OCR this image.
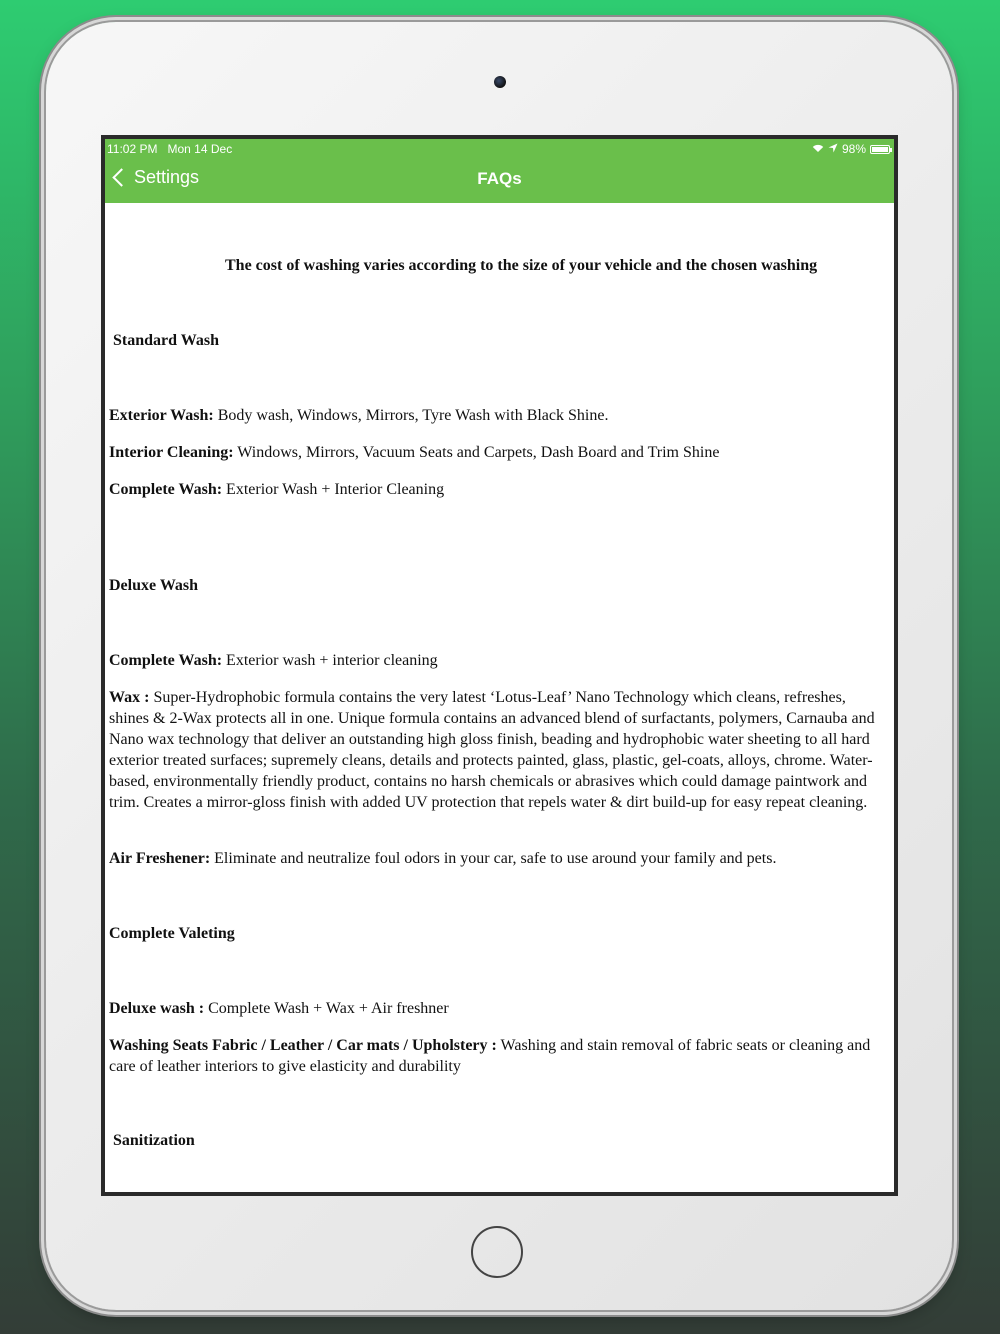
11:02 PM Mon 14 Dec	98%
Settings	FAQs
The cost of washing varies according to the size of your vehicle and the chosen washing

Standard Wash

Exterior Wash: Body wash, Windows, Mirrors, Tyre Wash with Black Shine.

Interior Cleaning: Windows, Mirrors, Vacuum Seats and Carpets, Dash Board and Trim Shine

Complete Wash: Exterior Wash + Interior Cleaning

Deluxe Wash

Complete Wash: Exterior wash + interior cleaning

Wax : Super-Hydrophobic formula contains the very latest ‘Lotus-Leaf’ Nano Technology which cleans, refreshes, shines & 2-Wax protects all in one. Unique formula contains an advanced blend of surfactants, polymers, Carnauba and Nano wax technology that deliver an outstanding high gloss finish, beading and hydrophobic water sheeting to all hard exterior treated surfaces; supremely cleans, details and protects painted, glass, plastic, gel-coats, alloys, chrome. Water-based, environmentally friendly product, contains no harsh chemicals or abrasives which could damage paintwork and trim. Creates a mirror-gloss finish with added UV protection that repels water & dirt build-up for easy repeat cleaning.

Air Freshener: Eliminate and neutralize foul odors in your car, safe to use around your family and pets.

Complete Valeting

Deluxe wash : Complete Wash + Wax + Air freshner

Washing Seats Fabric / Leather / Car mats / Upholstery : Washing and stain removal of fabric seats or cleaning and care of leather interiors to give elasticity and durability

Sanitization
